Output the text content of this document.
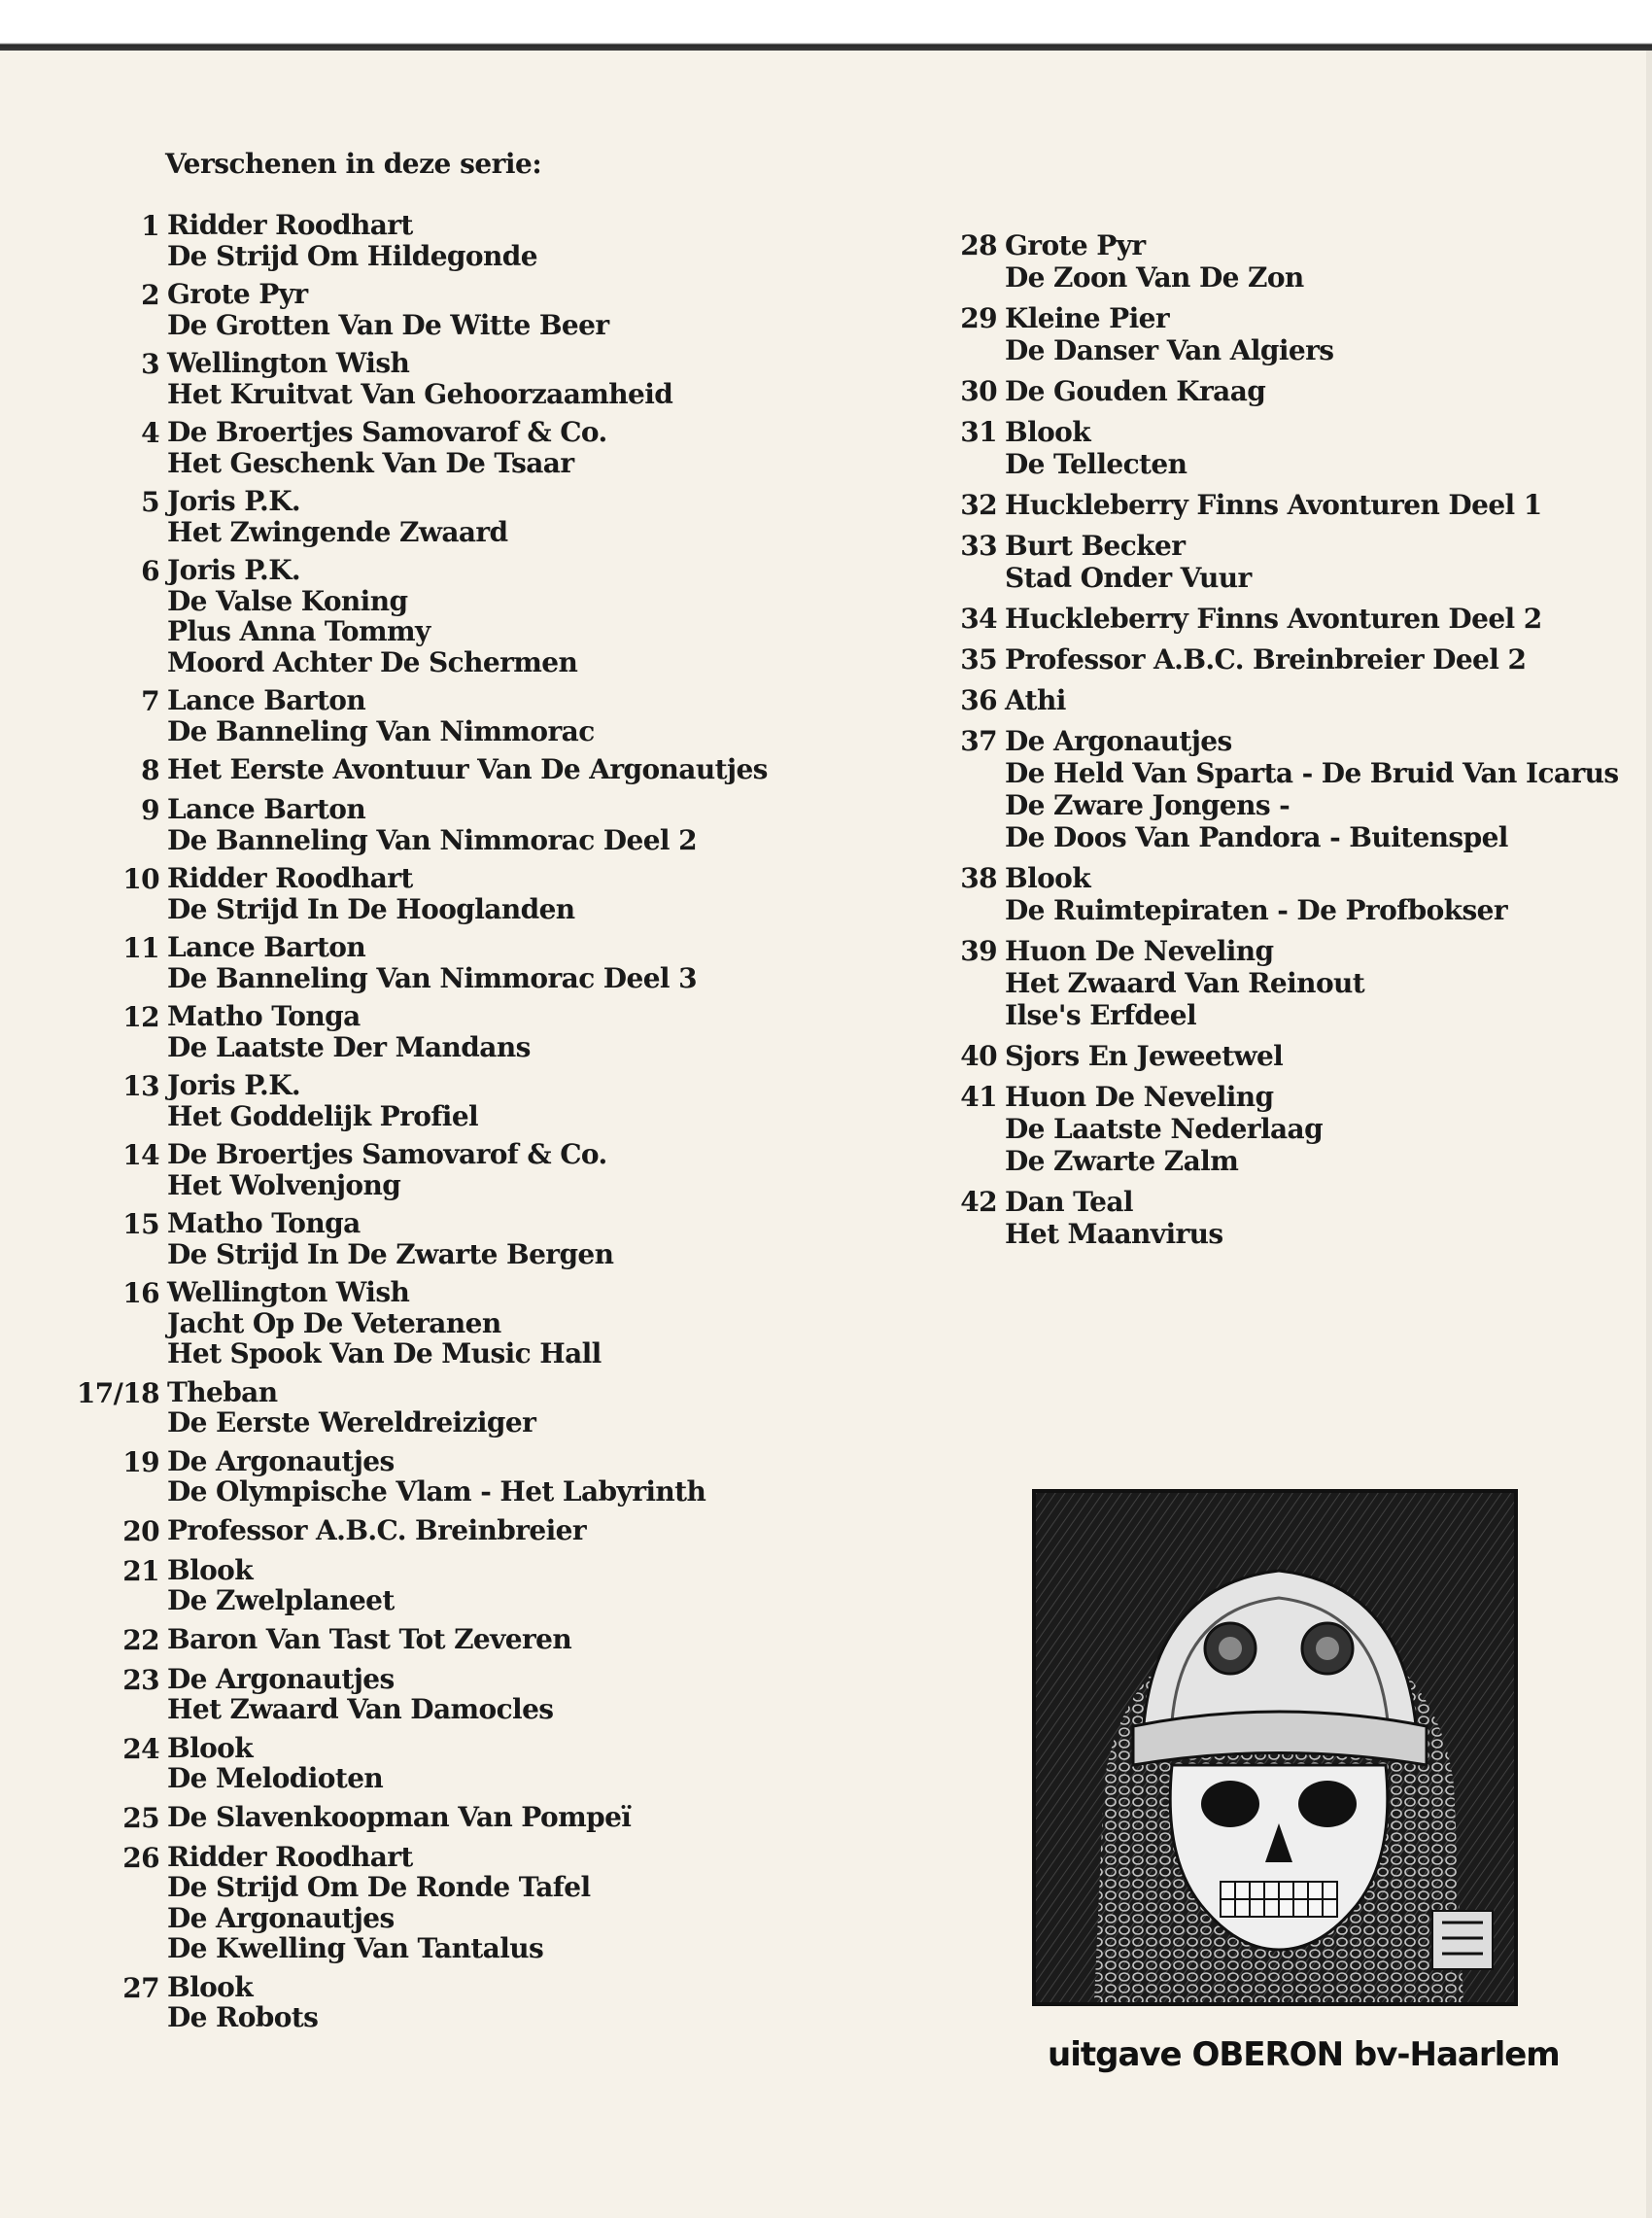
Verschenen in deze serie:
1 Ridder Roodhart
De Strijd Om Hildegonde
2 Grote Pyr
De Grotten Van De Witte Beer
3 Wellington Wish
Het Kruitvat Van Gehoorzaamheid
4 De Broertjes Samovarof & Co.
Het Geschenk Van De Tsaar
5 Joris P.K.
Het Zwingende Zwaard
6 Joris P.K.
De Valse Koning
Plus Anna Tommy
Moord Achter De Schermen
7 Lance Barton
De Banneling Van Nimmorac
8 Het Eerste Avontuur Van De Argonautjes
9 Lance Barton
De Banneling Van Nimmorac Deel 2
10 Ridder Roodhart
De Strijd In De Hooglanden
11 Lance Barton
De Banneling Van Nimmorac Deel 3
12 Matho Tonga
De Laatste Der Mandans
13 Joris P.K.
Het Goddelijk Profiel
14 De Broertjes Samovarof & Co.
Het Wolvenjong
15 Matho Tonga
De Strijd In De Zwarte Bergen
16 Wellington Wish
Jacht Op De Veteranen
Het Spook Van De Music Hall
17/18 Theban
De Eerste Wereldreiziger
19 De Argonautjes
De Olympische Vlam - Het Labyrinth
20 Professor A.B.C. Breinbreier
21 Blook
De Zwelplaneet
22 Baron Van Tast Tot Zeveren
23 De Argonautjes
Het Zwaard Van Damocles
24 Blook
De Melodioten
25 De Slavenkoopman Van Pompeï
26 Ridder Roodhart
De Strijd Om De Ronde Tafel
De Argonautjes
De Kwelling Van Tantalus
27 Blook
De Robots
28 Grote Pyr
De Zoon Van De Zon
29 Kleine Pier
De Danser Van Algiers
30 De Gouden Kraag
31 Blook
De Tellecten
32 Huckleberry Finns Avonturen Deel 1
33 Burt Becker
Stad Onder Vuur
34 Huckleberry Finns Avonturen Deel 2
35 Professor A.B.C. Breinbreier Deel 2
36 Athi
37 De Argonautjes
De Held Van Sparta - De Bruid Van Icarus
De Zware Jongens -
De Doos Van Pandora - Buitenspel
38 Blook
De Ruimtepiraten - De Profbokser
39 Huon De Neveling
Het Zwaard Van Reinout
Ilse's Erfdeel
40 Sjors En Jeweetwel
41 Huon De Neveling
De Laatste Nederlaag
De Zwarte Zalm
42 Dan Teal
Het Maanvirus
uitgave OBERON bv-Haarlem
